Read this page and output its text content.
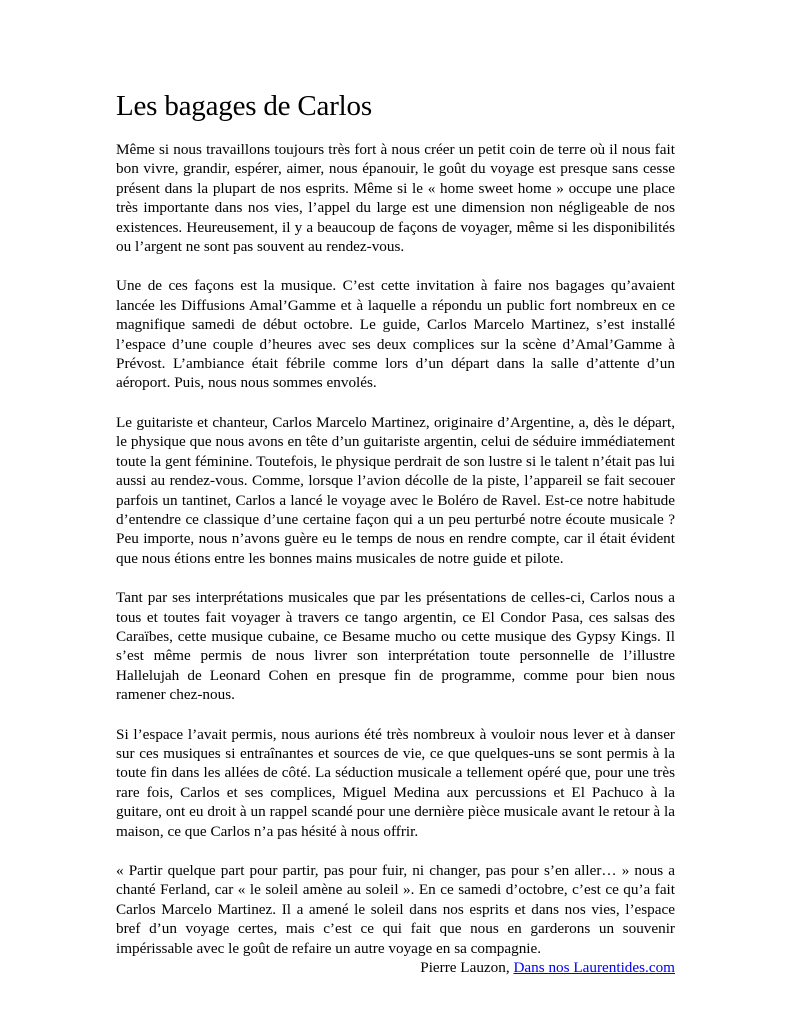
Les bagages de Carlos

Même si nous travaillons toujours très fort à nous créer un petit coin de terre où il nous fait bon vivre, grandir, espérer, aimer, nous épanouir, le goût du voyage est presque sans cesse présent dans la plupart de nos esprits. Même si le « home sweet home » occupe une place très importante dans nos vies, l’appel du large est une dimension non négligeable de nos existences. Heureusement, il y a beaucoup de façons de voyager, même si les disponibilités ou l’argent ne sont pas souvent au rendez-vous.

Une de ces façons est la musique. C’est cette invitation à faire nos bagages qu’avaient lancée les Diffusions Amal’Gamme et à laquelle a répondu un public fort nombreux en ce magnifique samedi de début octobre. Le guide, Carlos Marcelo Martinez, s’est installé l’espace d’une couple d’heures avec ses deux complices sur la scène d’Amal’Gamme à Prévost. L’ambiance était fébrile comme lors d’un départ dans la salle d’attente d’un aéroport. Puis, nous nous sommes envolés.

Le guitariste et chanteur, Carlos Marcelo Martinez, originaire d’Argentine, a, dès le départ, le physique que nous avons en tête d’un guitariste argentin, celui de séduire immédiatement toute la gent féminine. Toutefois, le physique perdrait de son lustre si le talent n’était pas lui aussi au rendez-vous. Comme, lorsque l’avion décolle de la piste, l’appareil se fait secouer parfois un tantinet, Carlos a lancé le voyage avec le Boléro de Ravel. Est-ce notre habitude d’entendre ce classique d’une certaine façon qui a un peu perturbé notre écoute musicale ? Peu importe, nous n’avons guère eu le temps de nous en rendre compte, car il était évident que nous étions entre les bonnes mains musicales de notre guide et pilote.

Tant par ses interprétations musicales que par les présentations de celles-ci, Carlos nous a tous et toutes fait voyager à travers ce tango argentin, ce El Condor Pasa, ces salsas des Caraïbes, cette musique cubaine, ce Besame mucho ou cette musique des Gypsy Kings. Il s’est même permis de nous livrer son interprétation toute personnelle de l’illustre Hallelujah de Leonard Cohen en presque fin de programme, comme pour bien nous ramener chez-nous.

Si l’espace l’avait permis, nous aurions été très nombreux à vouloir nous lever et à danser sur ces musiques si entraînantes et sources de vie, ce que quelques-uns se sont permis à la toute fin dans les allées de côté. La séduction musicale a tellement opéré que, pour une très rare fois, Carlos et ses complices, Miguel Medina aux percussions et El Pachuco à la guitare, ont eu droit à un rappel scandé pour une dernière pièce musicale avant le retour à la maison, ce que Carlos n’a pas hésité à nous offrir.

« Partir quelque part pour partir, pas pour fuir, ni changer, pas pour s’en aller… » nous a chanté Ferland, car « le soleil amène au soleil ». En ce samedi d’octobre, c’est ce qu’a fait Carlos Marcelo Martinez. Il a amené le soleil dans nos esprits et dans nos vies, l’espace bref d’un voyage certes, mais c’est ce qui fait que nous en garderons un souvenir impérissable avec le goût de refaire un autre voyage en sa compagnie.

Pierre Lauzon, Dans nos Laurentides.com
